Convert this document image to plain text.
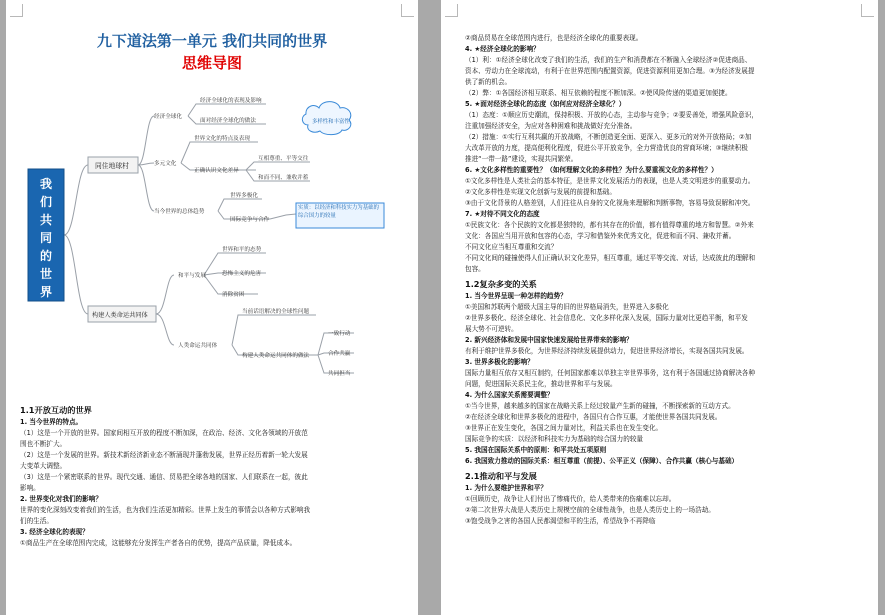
九下道法第一单元 我们共同的世界
思维导图
经济全球化
经济全球化的表现及影响
面对经济全球化的做法
多元文化
世界文化的特点及表现
正确认识文化差异
互相尊重、平等交往
和而不同、兼收并蓄
当今世界的总体趋势
世界多极化
国际竞争与合作
和平与发展
世界和平的态势
恐怖主义的危害
消除贫困
人类命运共同体
当前话语解决的全球性问题
构建人类命运共同体的做法
一致行动
合作共赢
共同担当
同住地球村
构建人类命运共同体
多样性和丰富性
实质：以经济和科技实力为基础的综合国力的较量
我们共同的世界
1.1开放互动的世界
1. 当今世界的特点。
（1）这是一个开放的世界。国家间相互开放的程度不断加深，在政治、经济、文化各领域的开放范
围也不断扩大。
（2）这是一个发展的世界。新技术新经济新业态不断涌现并蓬勃发展，世界正经历着新一轮大发展
大变革大调整。
（3）这是一个紧密联系的世界。现代交通、通信、贸易把全球各地的国家、人们联系在一起，彼此
影响。
2. 世界变化对我们的影响？
世界的变化深刻改变着我们的生活，也为我们生活更加精彩。世界上发生的事情会以各种方式影响我
们的生活。
3. 经济全球化的表现？
①商品生产在全球范围内完成，这能够充分发挥生产者各自的优势，提高产品质量，降低成本。
②商品贸易在全球范围内进行，也是经济全球化的重要表现。
4. ★经济全球化的影响？
（1）利：①经济全球化改变了我们的生活，我们的生产和消费都在不断融入全球经济②促进商品、
资本、劳动力在全球流动，有利于在世界范围内配置资源，促进资源利用更加合理。③为经济发展提
供了新的机会。
（2）弊：①各国经济相互联系、相互依赖的程度不断加深。②使风险传递的渠道更加便捷。
5. ★面对经济全球化的态度（如何应对经济全球化？）
（1）态度：①顺应历史潮流，保持积极、开放的心态，主动参与竞争；②要妥善处，增强风险意识，
注重加强经济安全，为应对各种困难和挑战做好充分准备。
（2）措施：①实行互利共赢的开放战略，不断创造更全面、更深入、更多元的对外开放格局；②加
大改革开放的力度，提高便利化程度，促进公平开放竞争，全力营造优良的营商环境；③继续积极
推进“一带一路”建设，实现共同繁荣。
6. ★文化多样性的重要性？（如何理解文化的多样性？为什么要重视文化的多样性？）
①文化多样性是人类社会的基本特征，是世界文化发展活力的表现，也是人类文明进步的重要动力。
②文化多样性是实现文化创新与发展的前提和基础。
③由于文化背景的人格差别，人们往往从自身的文化视角来理解和判断事物，容易导致误解和冲突。
7. ★对待不同文化的态度
①民族文化：各个民族的文化都是独特的，都有其存在的价值，都有值得尊重的地方和智慧。②外来
文化：各国应当用开放和包容的心态，学习和借鉴外来优秀文化，促进和而不同、兼收并蓄。
不同文化应当相互尊重和交流？
不同文化间的碰撞使得人们正确认识文化差异，相互尊重，通过平等交流、对话，达成彼此的理解和
包容。
1.2复杂多变的关系
1. 当今世界呈现一种怎样的趋势？
①美国和苏联两个超级大国主导的旧的世界格局消失，世界进入多极化
②世界多极化、经济全球化、社会信息化、文化多样化深入发展，国际力量对比更趋平衡，和平发
展大势不可逆转。
2. 新兴经济体和发展中国家快速发展给世界带来的影响？
有利于维护世界多极化，为世界经济持续发展提供动力，促进世界经济增长，实现各国共同发展。
3. 世界多极化的影响？
国际力量相互依存又相互制约，任何国家都难以单独主宰世界事务，这有利于各国通过协商解决各种
问题，促进国际关系民主化，推动世界和平与发展。
4. 为什么国家关系需要调整？
①当今世界，越来越多的国家在战略关系上经过较量产生新的碰撞，不断探索新的互动方式。
②在经济全球化和世界多极化的进程中，各国只有合作互惠，才能使世界各国共同发展。
③世界正在发生变化，各国之间力量对比，利益关系也在发生变化。
国际竞争的实质：以经济和科技实力为基础的综合国力的较量
5. 我国在国际关系中的原则：和平共处五项原则
6. 我国致力推动的国际关系：相互尊重（前提）、公平正义（保障）、合作共赢（核心与基础）
2.1推动和平与发展
1. 为什么要维护世界和平？
①回顾历史，战争让人们付出了惨痛代价，给人类带来的伤痛难以忘却。
②第二次世界大战是人类历史上规模空前的全球性战争，也是人类历史上的一场浩劫。
③饱受战争之害的各国人民都渴望和平的生活，希望战争不再降临
